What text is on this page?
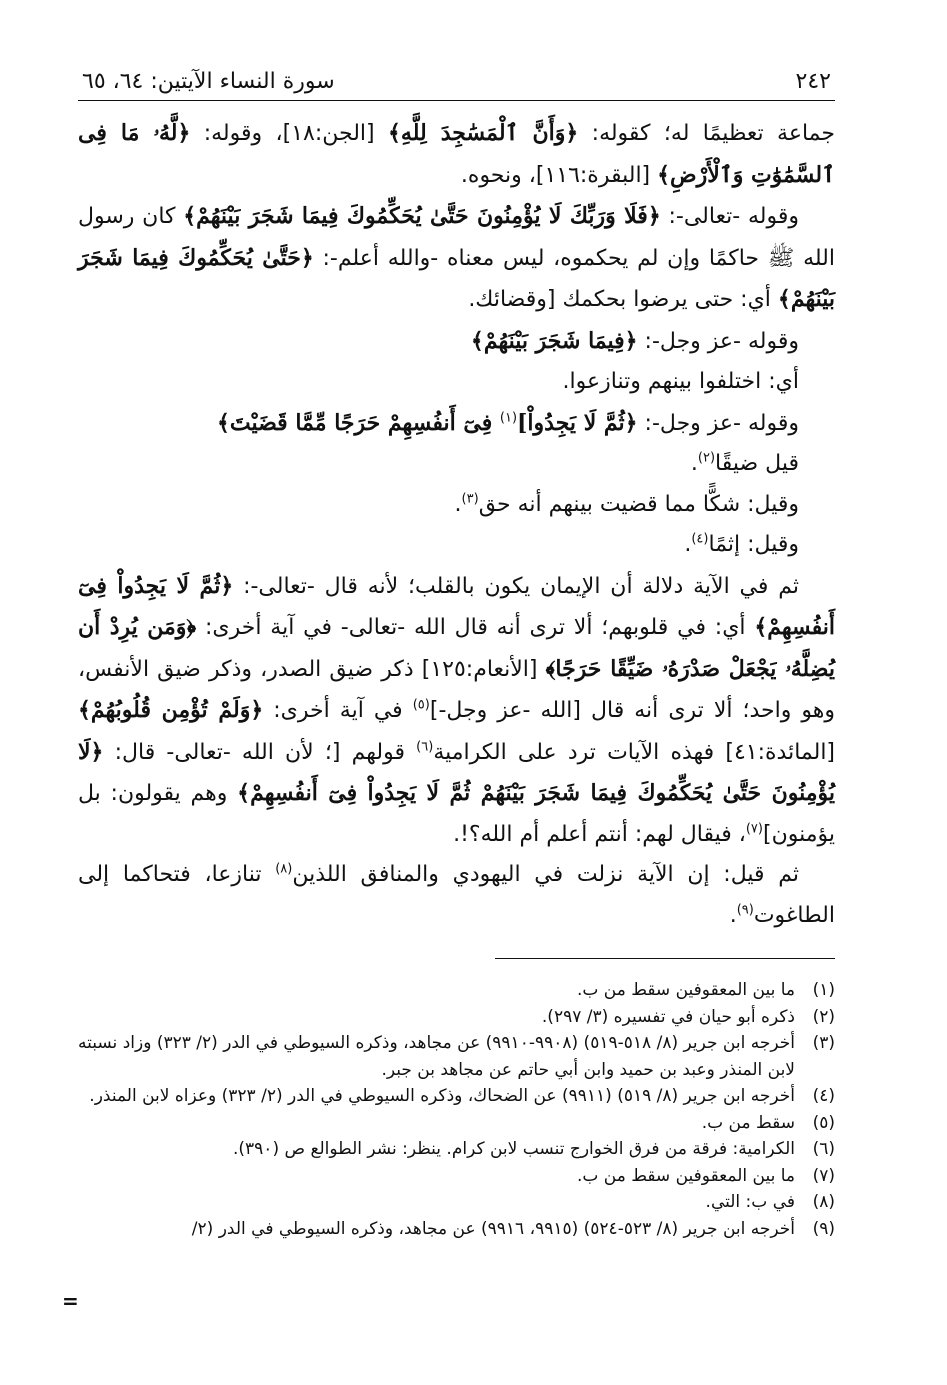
٢٤٢
سورة النساء الآيتين: ٦٤، ٦٥

جماعة تعظيمًا له؛ كقوله: ﴿وَأَنَّ ٱلْمَسَٰجِدَ لِلَّهِ﴾ [الجن:١٨]، وقوله: ﴿لَّهُۥ مَا فِى ٱلسَّمَٰوَٰتِ وَٱلْأَرْضِ﴾ [البقرة:١١٦]، ونحوه.

وقوله -تعالى-: ﴿فَلَا وَرَبِّكَ لَا يُؤْمِنُونَ حَتَّىٰ يُحَكِّمُوكَ فِيمَا شَجَرَ بَيْنَهُمْ﴾ كان رسول الله ﷺ حاكمًا وإن لم يحكموه، ليس معناه -والله أعلم-: ﴿حَتَّىٰ يُحَكِّمُوكَ فِيمَا شَجَرَ بَيْنَهُمْ﴾ أي: حتى يرضوا بحكمك [وقضائك.

وقوله -عز وجل-: ﴿فِيمَا شَجَرَ بَيْنَهُمْ﴾

أي: اختلفوا بينهم وتنازعوا.

وقوله -عز وجل-: ﴿ثُمَّ لَا يَجِدُواْ]$^{(١)}$ فِىٓ أَنفُسِهِمْ حَرَجًا مِّمَّا قَضَيْتَ﴾

قيل ضيقًا$^{(٢)}$.

وقيل: شكًّا مما قضيت بينهم أنه حق$^{(٣)}$.

وقيل: إثمًا$^{(٤)}$.

ثم في الآية دلالة أن الإيمان يكون بالقلب؛ لأنه قال -تعالى-: ﴿ثُمَّ لَا يَجِدُواْ فِىٓ أَنفُسِهِمْ﴾ أي: في قلوبهم؛ ألا ترى أنه قال الله -تعالى- في آية أخرى: ﴿وَمَن يُرِدْ أَن يُضِلَّهُۥ يَجْعَلْ صَدْرَهُۥ ضَيِّقًا حَرَجًا﴾ [الأنعام:١٢٥] ذكر ضيق الصدر، وذكر ضيق الأنفس، وهو واحد؛ ألا ترى أنه قال [الله -عز وجل-]$^{(٥)}$ في آية أخرى: ﴿وَلَمْ تُؤْمِن قُلُوبُهُمْ﴾ [المائدة:٤١] فهذه الآيات ترد على الكرامية$^{(٦)}$ قولهم [؛ لأن الله -تعالى- قال: ﴿لَا يُؤْمِنُونَ حَتَّىٰ يُحَكِّمُوكَ فِيمَا شَجَرَ بَيْنَهُمْ ثُمَّ لَا يَجِدُواْ فِىٓ أَنفُسِهِمْ﴾ وهم يقولون: بل يؤمنون]$^{(٧)}$، فيقال لهم: أنتم أعلم أم الله؟!.

ثم قيل: إن الآية نزلت في اليهودي والمنافق اللذين$^{(٨)}$ تنازعا، فتحاكما إلى الطاغوت$^{(٩)}$.

(١)
ما بين المعقوفين سقط من ب.
(٢)
ذكره أبو حيان في تفسيره (٣/ ٢٩٧).
(٣)
أخرجه ابن جرير (٨/ ٥١٨-٥١٩) (٩٩٠٨-٩٩١٠) عن مجاهد، وذكره السيوطي في الدر (٢/ ٣٢٣) وزاد نسبته لابن المنذر وعبد بن حميد وابن أبي حاتم عن مجاهد بن جبر.
(٤)
أخرجه ابن جرير (٨/ ٥١٩) (٩٩١١) عن الضحاك، وذكره السيوطي في الدر (٢/ ٣٢٣) وعزاه لابن المنذر.
(٥)
سقط من ب.
(٦)
الكرامية: فرقة من فرق الخوارج تنسب لابن كرام. ينظر: نشر الطوالع ص (٣٩٠).
(٧)
ما بين المعقوفين سقط من ب.
(٨)
في ب: التي.
(٩)
أخرجه ابن جرير (٨/ ٥٢٣-٥٢٤) (٩٩١٥، ٩٩١٦) عن مجاهد، وذكره السيوطي في الدر (٢/
=
